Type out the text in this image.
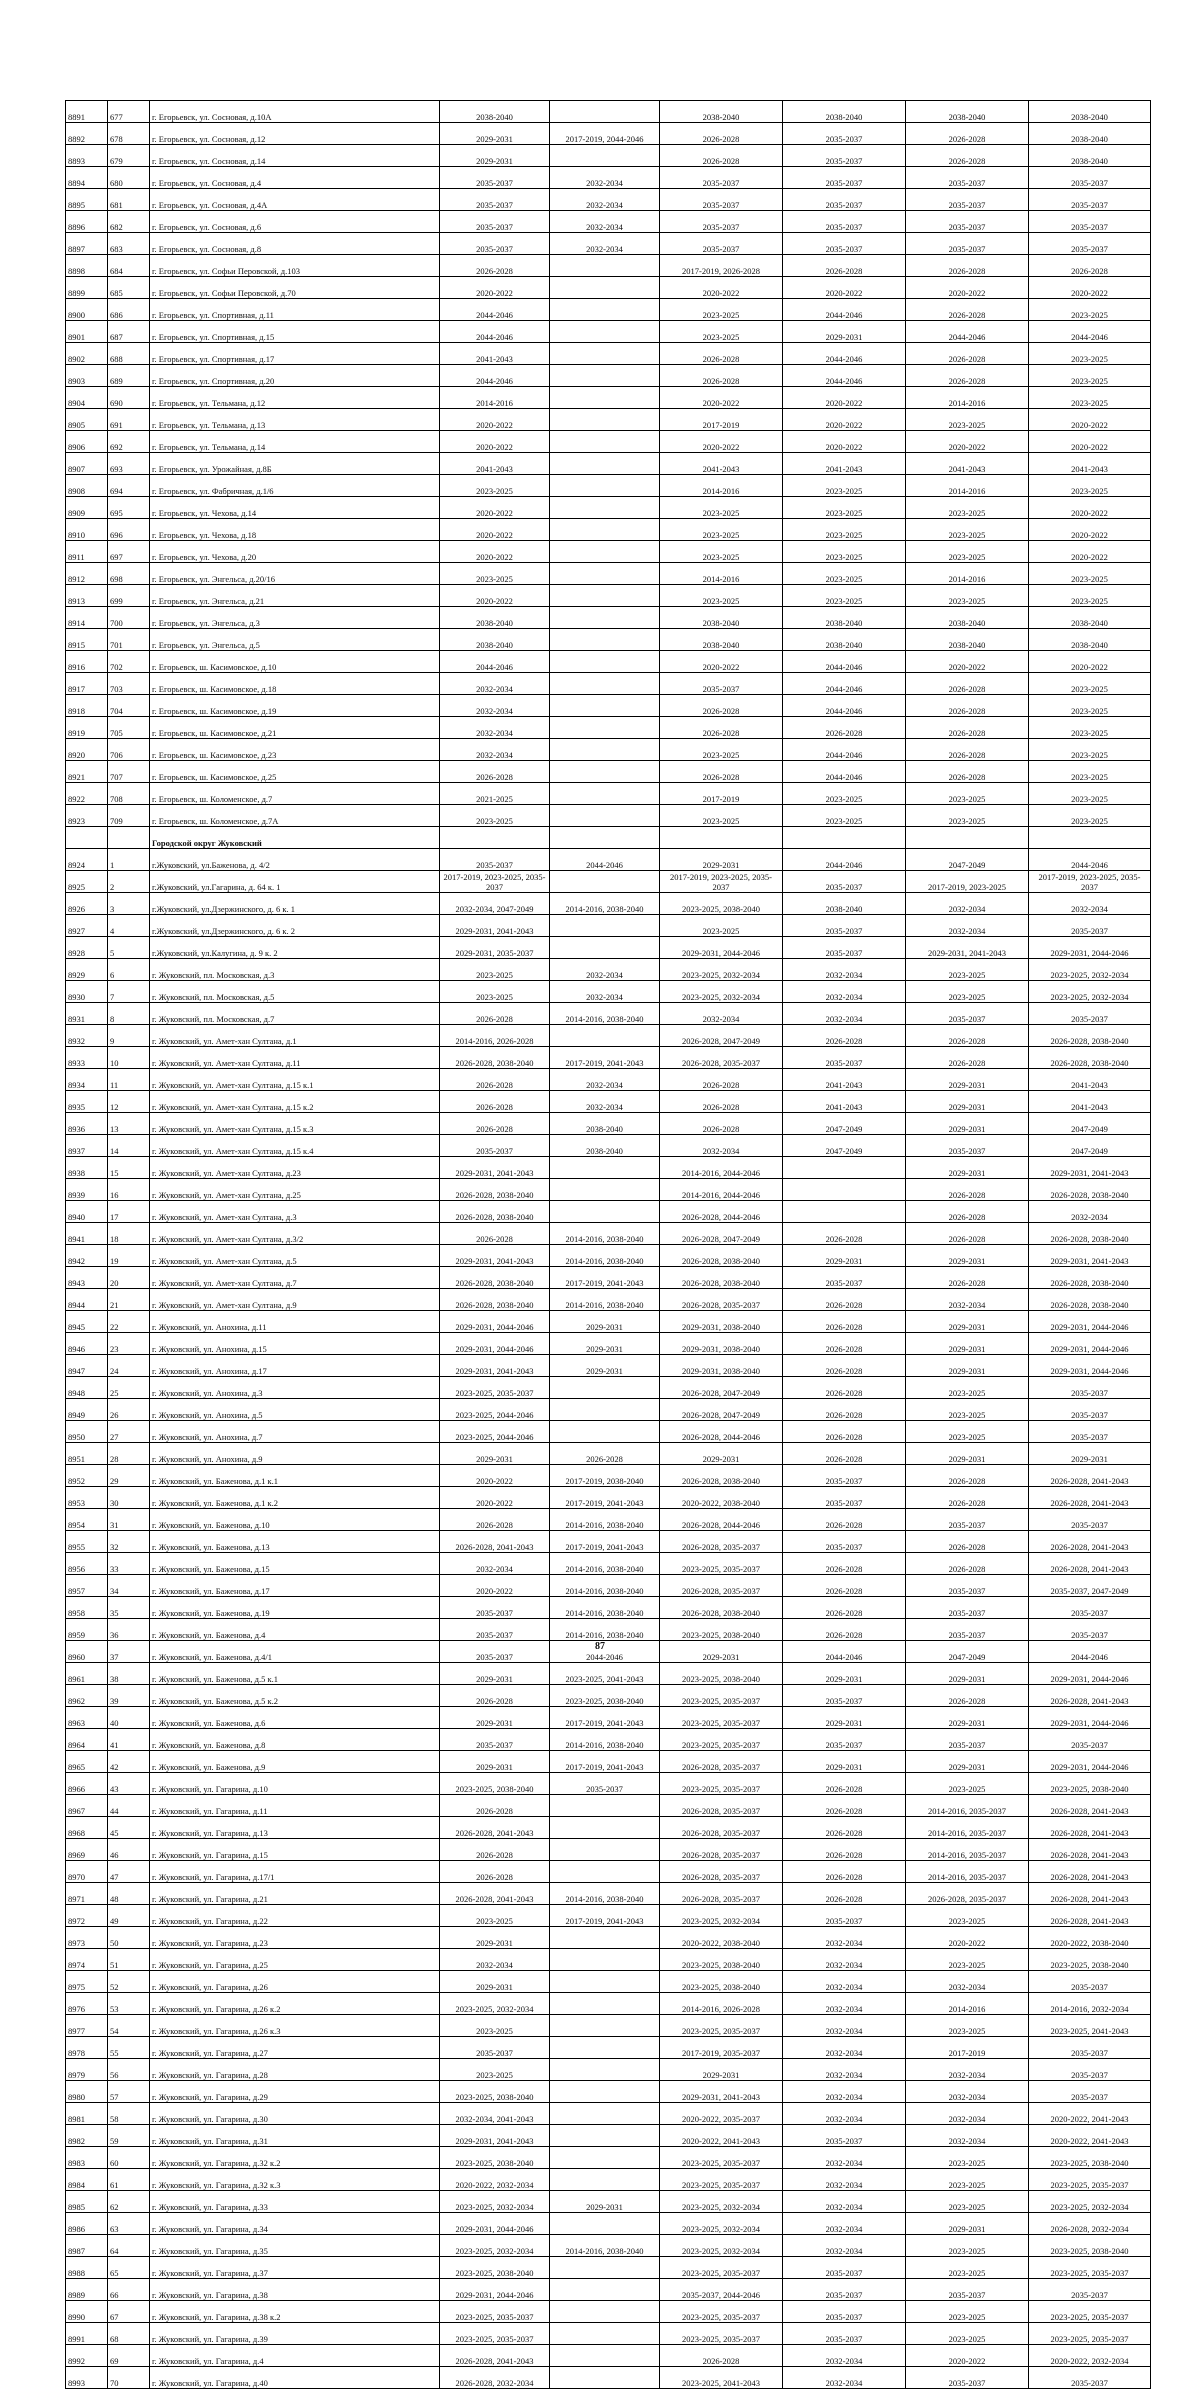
8891	677	г. Егорьевск, ул. Сосновая, д.10А	2038-2040		2038-2040	2038-2040	2038-2040	2038-2040
8892	678	г. Егорьевск, ул. Сосновая, д.12	2029-2031	2017-2019, 2044-2046	2026-2028	2035-2037	2026-2028	2038-2040
8893	679	г. Егорьевск, ул. Сосновая, д.14	2029-2031		2026-2028	2035-2037	2026-2028	2038-2040
8894	680	г. Егорьевск, ул. Сосновая, д.4	2035-2037	2032-2034	2035-2037	2035-2037	2035-2037	2035-2037
8895	681	г. Егорьевск, ул. Сосновая, д.4А	2035-2037	2032-2034	2035-2037	2035-2037	2035-2037	2035-2037
8896	682	г. Егорьевск, ул. Сосновая, д.6	2035-2037	2032-2034	2035-2037	2035-2037	2035-2037	2035-2037
8897	683	г. Егорьевск, ул. Сосновая, д.8	2035-2037	2032-2034	2035-2037	2035-2037	2035-2037	2035-2037
8898	684	г. Егорьевск, ул. Софьи Перовской, д.103	2026-2028		2017-2019, 2026-2028	2026-2028	2026-2028	2026-2028
8899	685	г. Егорьевск, ул. Софьи Перовской, д.70	2020-2022		2020-2022	2020-2022	2020-2022	2020-2022
8900	686	г. Егорьевск, ул. Спортивная, д.11	2044-2046		2023-2025	2044-2046	2026-2028	2023-2025
8901	687	г. Егорьевск, ул. Спортивная, д.15	2044-2046		2023-2025	2029-2031	2044-2046	2044-2046
8902	688	г. Егорьевск, ул. Спортивная, д.17	2041-2043		2026-2028	2044-2046	2026-2028	2023-2025
8903	689	г. Егорьевск, ул. Спортивная, д.20	2044-2046		2026-2028	2044-2046	2026-2028	2023-2025
8904	690	г. Егорьевск, ул. Тельмана, д.12	2014-2016		2020-2022	2020-2022	2014-2016	2023-2025
8905	691	г. Егорьевск, ул. Тельмана, д.13	2020-2022		2017-2019	2020-2022	2023-2025	2020-2022
8906	692	г. Егорьевск, ул. Тельмана, д.14	2020-2022		2020-2022	2020-2022	2020-2022	2020-2022
8907	693	г. Егорьевск, ул. Урожайная, д.8Б	2041-2043		2041-2043	2041-2043	2041-2043	2041-2043
8908	694	г. Егорьевск, ул. Фабричная, д.1/6	2023-2025		2014-2016	2023-2025	2014-2016	2023-2025
8909	695	г. Егорьевск, ул. Чехова, д.14	2020-2022		2023-2025	2023-2025	2023-2025	2020-2022
8910	696	г. Егорьевск, ул. Чехова, д.18	2020-2022		2023-2025	2023-2025	2023-2025	2020-2022
8911	697	г. Егорьевск, ул. Чехова, д.20	2020-2022		2023-2025	2023-2025	2023-2025	2020-2022
8912	698	г. Егорьевск, ул. Энгельса, д.20/16	2023-2025		2014-2016	2023-2025	2014-2016	2023-2025
8913	699	г. Егорьевск, ул. Энгельса, д.21	2020-2022		2023-2025	2023-2025	2023-2025	2023-2025
8914	700	г. Егорьевск, ул. Энгельса, д.3	2038-2040		2038-2040	2038-2040	2038-2040	2038-2040
8915	701	г. Егорьевск, ул. Энгельса, д.5	2038-2040		2038-2040	2038-2040	2038-2040	2038-2040
8916	702	г. Егорьевск, ш. Касимовское, д.10	2044-2046		2020-2022	2044-2046	2020-2022	2020-2022
8917	703	г. Егорьевск, ш. Касимовское, д.18	2032-2034		2035-2037	2044-2046	2026-2028	2023-2025
8918	704	г. Егорьевск, ш. Касимовское, д.19	2032-2034		2026-2028	2044-2046	2026-2028	2023-2025
8919	705	г. Егорьевск, ш. Касимовское, д.21	2032-2034		2026-2028	2026-2028	2026-2028	2023-2025
8920	706	г. Егорьевск, ш. Касимовское, д.23	2032-2034		2023-2025	2044-2046	2026-2028	2023-2025
8921	707	г. Егорьевск, ш. Касимовское, д.25	2026-2028		2026-2028	2044-2046	2026-2028	2023-2025
8922	708	г. Егорьевск, ш. Коломенское, д.7	2021-2025		2017-2019	2023-2025	2023-2025	2023-2025
8923	709	г. Егорьевск, ш. Коломенское, д.7А	2023-2025		2023-2025	2023-2025	2023-2025	2023-2025
		Городской округ Жуковский						
8924	1	г.Жуковский, ул.Баженова, д. 4/2	2035-2037	2044-2046	2029-2031	2044-2046	2047-2049	2044-2046
8925	2	г.Жуковский, ул.Гагарина, д. 64 к. 1	2017-2019, 2023-2025, 2035-2037		2017-2019, 2023-2025, 2035-2037	2035-2037	2017-2019, 2023-2025	2017-2019, 2023-2025, 2035-2037
8926	3	г.Жуковский, ул.Дзержинского, д. 6 к. 1	2032-2034, 2047-2049	2014-2016, 2038-2040	2023-2025, 2038-2040	2038-2040	2032-2034	2032-2034
8927	4	г.Жуковский, ул.Дзержинского, д. 6 к. 2	2029-2031, 2041-2043		2023-2025	2035-2037	2032-2034	2035-2037
8928	5	г.Жуковский, ул.Калугина, д. 9 к. 2	2029-2031, 2035-2037		2029-2031, 2044-2046	2035-2037	2029-2031, 2041-2043	2029-2031, 2044-2046
8929	6	г. Жуковский, пл. Московская, д.3	2023-2025	2032-2034	2023-2025, 2032-2034	2032-2034	2023-2025	2023-2025, 2032-2034
8930	7	г. Жуковский, пл. Московская, д.5	2023-2025	2032-2034	2023-2025, 2032-2034	2032-2034	2023-2025	2023-2025, 2032-2034
8931	8	г. Жуковский, пл. Московская, д.7	2026-2028	2014-2016, 2038-2040	2032-2034	2032-2034	2035-2037	2035-2037
8932	9	г. Жуковский, ул. Амет-хан Султана, д.1	2014-2016, 2026-2028		2026-2028, 2047-2049	2026-2028	2026-2028	2026-2028, 2038-2040
8933	10	г. Жуковский, ул. Амет-хан Султана, д.11	2026-2028, 2038-2040	2017-2019, 2041-2043	2026-2028, 2035-2037	2035-2037	2026-2028	2026-2028, 2038-2040
8934	11	г. Жуковский, ул. Амет-хан Султана, д.15 к.1	2026-2028	2032-2034	2026-2028	2041-2043	2029-2031	2041-2043
8935	12	г. Жуковский, ул. Амет-хан Султана, д.15 к.2	2026-2028	2032-2034	2026-2028	2041-2043	2029-2031	2041-2043
8936	13	г. Жуковский, ул. Амет-хан Султана, д.15 к.3	2026-2028	2038-2040	2026-2028	2047-2049	2029-2031	2047-2049
8937	14	г. Жуковский, ул. Амет-хан Султана, д.15 к.4	2035-2037	2038-2040	2032-2034	2047-2049	2035-2037	2047-2049
8938	15	г. Жуковский, ул. Амет-хан Султана, д.23	2029-2031, 2041-2043		2014-2016, 2044-2046		2029-2031	2029-2031, 2041-2043
8939	16	г. Жуковский, ул. Амет-хан Султана, д.25	2026-2028, 2038-2040		2014-2016, 2044-2046		2026-2028	2026-2028, 2038-2040
8940	17	г. Жуковский, ул. Амет-хан Султана, д.3	2026-2028, 2038-2040		2026-2028, 2044-2046		2026-2028	2032-2034
8941	18	г. Жуковский, ул. Амет-хан Султана, д.3/2	2026-2028	2014-2016, 2038-2040	2026-2028, 2047-2049	2026-2028	2026-2028	2026-2028, 2038-2040
8942	19	г. Жуковский, ул. Амет-хан Султана, д.5	2029-2031, 2041-2043	2014-2016, 2038-2040	2026-2028, 2038-2040	2029-2031	2029-2031	2029-2031, 2041-2043
8943	20	г. Жуковский, ул. Амет-хан Султана, д.7	2026-2028, 2038-2040	2017-2019, 2041-2043	2026-2028, 2038-2040	2035-2037	2026-2028	2026-2028, 2038-2040
8944	21	г. Жуковский, ул. Амет-хан Султана, д.9	2026-2028, 2038-2040	2014-2016, 2038-2040	2026-2028, 2035-2037	2026-2028	2032-2034	2026-2028, 2038-2040
8945	22	г. Жуковский, ул. Анохина, д.11	2029-2031, 2044-2046	2029-2031	2029-2031, 2038-2040	2026-2028	2029-2031	2029-2031, 2044-2046
8946	23	г. Жуковский, ул. Анохина, д.15	2029-2031, 2044-2046	2029-2031	2029-2031, 2038-2040	2026-2028	2029-2031	2029-2031, 2044-2046
8947	24	г. Жуковский, ул. Анохина, д.17	2029-2031, 2041-2043	2029-2031	2029-2031, 2038-2040	2026-2028	2029-2031	2029-2031, 2044-2046
8948	25	г. Жуковский, ул. Анохина, д.3	2023-2025, 2035-2037		2026-2028, 2047-2049	2026-2028	2023-2025	2035-2037
8949	26	г. Жуковский, ул. Анохина, д.5	2023-2025, 2044-2046		2026-2028, 2047-2049	2026-2028	2023-2025	2035-2037
8950	27	г. Жуковский, ул. Анохина, д.7	2023-2025, 2044-2046		2026-2028, 2044-2046	2026-2028	2023-2025	2035-2037
8951	28	г. Жуковский, ул. Анохина, д.9	2029-2031	2026-2028	2029-2031	2026-2028	2029-2031	2029-2031
8952	29	г. Жуковский, ул. Баженова, д.1 к.1	2020-2022	2017-2019, 2038-2040	2026-2028, 2038-2040	2035-2037	2026-2028	2026-2028, 2041-2043
8953	30	г. Жуковский, ул. Баженова, д.1 к.2	2020-2022	2017-2019, 2041-2043	2020-2022, 2038-2040	2035-2037	2026-2028	2026-2028, 2041-2043
8954	31	г. Жуковский, ул. Баженова, д.10	2026-2028	2014-2016, 2038-2040	2026-2028, 2044-2046	2026-2028	2035-2037	2035-2037
8955	32	г. Жуковский, ул. Баженова, д.13	2026-2028, 2041-2043	2017-2019, 2041-2043	2026-2028, 2035-2037	2035-2037	2026-2028	2026-2028, 2041-2043
8956	33	г. Жуковский, ул. Баженова, д.15	2032-2034	2014-2016, 2038-2040	2023-2025, 2035-2037	2026-2028	2026-2028	2026-2028, 2041-2043
8957	34	г. Жуковский, ул. Баженова, д.17	2020-2022	2014-2016, 2038-2040	2026-2028, 2035-2037	2026-2028	2035-2037	2035-2037, 2047-2049
8958	35	г. Жуковский, ул. Баженова, д.19	2035-2037	2014-2016, 2038-2040	2026-2028, 2038-2040	2026-2028	2035-2037	2035-2037
8959	36	г. Жуковский, ул. Баженова, д.4	2035-2037	2014-2016, 2038-2040	2023-2025, 2038-2040	2026-2028	2035-2037	2035-2037
8960	37	г. Жуковский, ул. Баженова, д.4/1	2035-2037	2044-2046	2029-2031	2044-2046	2047-2049	2044-2046
8961	38	г. Жуковский, ул. Баженова, д.5 к.1	2029-2031	2023-2025, 2041-2043	2023-2025, 2038-2040	2029-2031	2029-2031	2029-2031, 2044-2046
8962	39	г. Жуковский, ул. Баженова, д.5 к.2	2026-2028	2023-2025, 2038-2040	2023-2025, 2035-2037	2035-2037	2026-2028	2026-2028, 2041-2043
8963	40	г. Жуковский, ул. Баженова, д.6	2029-2031	2017-2019, 2041-2043	2023-2025, 2035-2037	2029-2031	2029-2031	2029-2031, 2044-2046
8964	41	г. Жуковский, ул. Баженова, д.8	2035-2037	2014-2016, 2038-2040	2023-2025, 2035-2037	2035-2037	2035-2037	2035-2037
8965	42	г. Жуковский, ул. Баженова, д.9	2029-2031	2017-2019, 2041-2043	2026-2028, 2035-2037	2029-2031	2029-2031	2029-2031, 2044-2046
8966	43	г. Жуковский, ул. Гагарина, д.10	2023-2025, 2038-2040	2035-2037	2023-2025, 2035-2037	2026-2028	2023-2025	2023-2025, 2038-2040
8967	44	г. Жуковский, ул. Гагарина, д.11	2026-2028		2026-2028, 2035-2037	2026-2028	2014-2016, 2035-2037	2026-2028, 2041-2043
8968	45	г. Жуковский, ул. Гагарина, д.13	2026-2028, 2041-2043		2026-2028, 2035-2037	2026-2028	2014-2016, 2035-2037	2026-2028, 2041-2043
8969	46	г. Жуковский, ул. Гагарина, д.15	2026-2028		2026-2028, 2035-2037	2026-2028	2014-2016, 2035-2037	2026-2028, 2041-2043
8970	47	г. Жуковский, ул. Гагарина, д.17/1	2026-2028		2026-2028, 2035-2037	2026-2028	2014-2016, 2035-2037	2026-2028, 2041-2043
8971	48	г. Жуковский, ул. Гагарина, д.21	2026-2028, 2041-2043	2014-2016, 2038-2040	2026-2028, 2035-2037	2026-2028	2026-2028, 2035-2037	2026-2028, 2041-2043
8972	49	г. Жуковский, ул. Гагарина, д.22	2023-2025	2017-2019, 2041-2043	2023-2025, 2032-2034	2035-2037	2023-2025	2026-2028, 2041-2043
8973	50	г. Жуковский, ул. Гагарина, д.23	2029-2031		2020-2022, 2038-2040	2032-2034	2020-2022	2020-2022, 2038-2040
8974	51	г. Жуковский, ул. Гагарина, д.25	2032-2034		2023-2025, 2038-2040	2032-2034	2023-2025	2023-2025, 2038-2040
8975	52	г. Жуковский, ул. Гагарина, д.26	2029-2031		2023-2025, 2038-2040	2032-2034	2032-2034	2035-2037
8976	53	г. Жуковский, ул. Гагарина, д.26 к.2	2023-2025, 2032-2034		2014-2016, 2026-2028	2032-2034	2014-2016	2014-2016, 2032-2034
8977	54	г. Жуковский, ул. Гагарина, д.26 к.3	2023-2025		2023-2025, 2035-2037	2032-2034	2023-2025	2023-2025, 2041-2043
8978	55	г. Жуковский, ул. Гагарина, д.27	2035-2037		2017-2019, 2035-2037	2032-2034	2017-2019	2035-2037
8979	56	г. Жуковский, ул. Гагарина, д.28	2023-2025		2029-2031	2032-2034	2032-2034	2035-2037
8980	57	г. Жуковский, ул. Гагарина, д.29	2023-2025, 2038-2040		2029-2031, 2041-2043	2032-2034	2032-2034	2035-2037
8981	58	г. Жуковский, ул. Гагарина, д.30	2032-2034, 2041-2043		2020-2022, 2035-2037	2032-2034	2032-2034	2020-2022, 2041-2043
8982	59	г. Жуковский, ул. Гагарина, д.31	2029-2031, 2041-2043		2020-2022, 2041-2043	2035-2037	2032-2034	2020-2022, 2041-2043
8983	60	г. Жуковский, ул. Гагарина, д.32 к.2	2023-2025, 2038-2040		2023-2025, 2035-2037	2032-2034	2023-2025	2023-2025, 2038-2040
8984	61	г. Жуковский, ул. Гагарина, д.32 к.3	2020-2022, 2032-2034		2023-2025, 2035-2037	2032-2034	2023-2025	2023-2025, 2035-2037
8985	62	г. Жуковский, ул. Гагарина, д.33	2023-2025, 2032-2034	2029-2031	2023-2025, 2032-2034	2032-2034	2023-2025	2023-2025, 2032-2034
8986	63	г. Жуковский, ул. Гагарина, д.34	2029-2031, 2044-2046		2023-2025, 2032-2034	2032-2034	2029-2031	2026-2028, 2032-2034
8987	64	г. Жуковский, ул. Гагарина, д.35	2023-2025, 2032-2034	2014-2016, 2038-2040	2023-2025, 2032-2034	2032-2034	2023-2025	2023-2025, 2038-2040
8988	65	г. Жуковский, ул. Гагарина, д.37	2023-2025, 2038-2040		2023-2025, 2035-2037	2035-2037	2023-2025	2023-2025, 2035-2037
8989	66	г. Жуковский, ул. Гагарина, д.38	2029-2031, 2044-2046		2035-2037, 2044-2046	2035-2037	2035-2037	2035-2037
8990	67	г. Жуковский, ул. Гагарина, д.38 к.2	2023-2025, 2035-2037		2023-2025, 2035-2037	2035-2037	2023-2025	2023-2025, 2035-2037
8991	68	г. Жуковский, ул. Гагарина, д.39	2023-2025, 2035-2037		2023-2025, 2035-2037	2035-2037	2023-2025	2023-2025, 2035-2037
8992	69	г. Жуковский, ул. Гагарина, д.4	2026-2028, 2041-2043		2026-2028	2032-2034	2020-2022	2020-2022, 2032-2034
8993	70	г. Жуковский, ул. Гагарина, д.40	2026-2028, 2032-2034		2023-2025, 2041-2043	2032-2034	2035-2037	2035-2037
87
